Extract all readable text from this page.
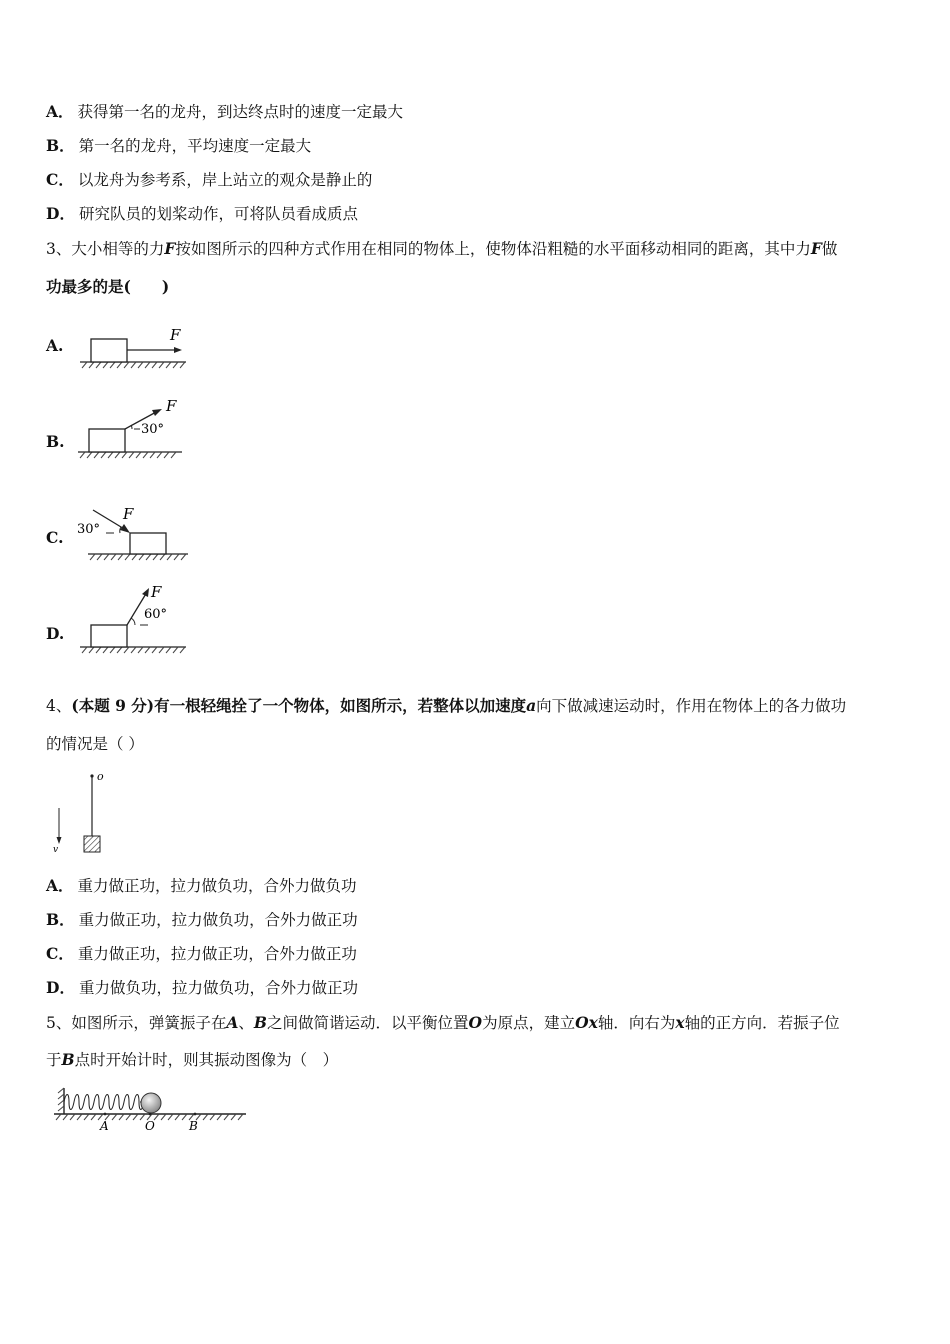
A． 获得第一名的龙舟，到达终点时的速度一定最大
B． 第一名的龙舟，平均速度一定最大
C． 以龙舟为参考系，岸上站立的观众是静止的
D． 研究队员的划桨动作，可将队员看成质点
3、大小相等的力F按如图所示的四种方式作用在相同的物体上，使物体沿粗糙的水平面移动相同的距离，其中力F做
功最多的是(　　)
A.
F
B.
F
30°
C. 30°
F
D.
F
60°
4、(本题 9 分)有一根轻绳拴了一个物体，如图所示，若整体以加速度a向下做减速运动时，作用在物体上的各力做功
的情况是（ ）
o
v
A． 重力做正功，拉力做负功，合外力做负功
B． 重力做正功，拉力做负功，合外力做正功
C． 重力做正功，拉力做正功，合外力做正功
D． 重力做负功，拉力做负功，合外力做正功
5、如图所示，弹簧振子在A、B之间做简谐运动．以平衡位置O为原点，建立Ox轴．向右为x轴的正方向．若振子位
于B点时开始计时，则其振动图像为（　）
A	O	B
